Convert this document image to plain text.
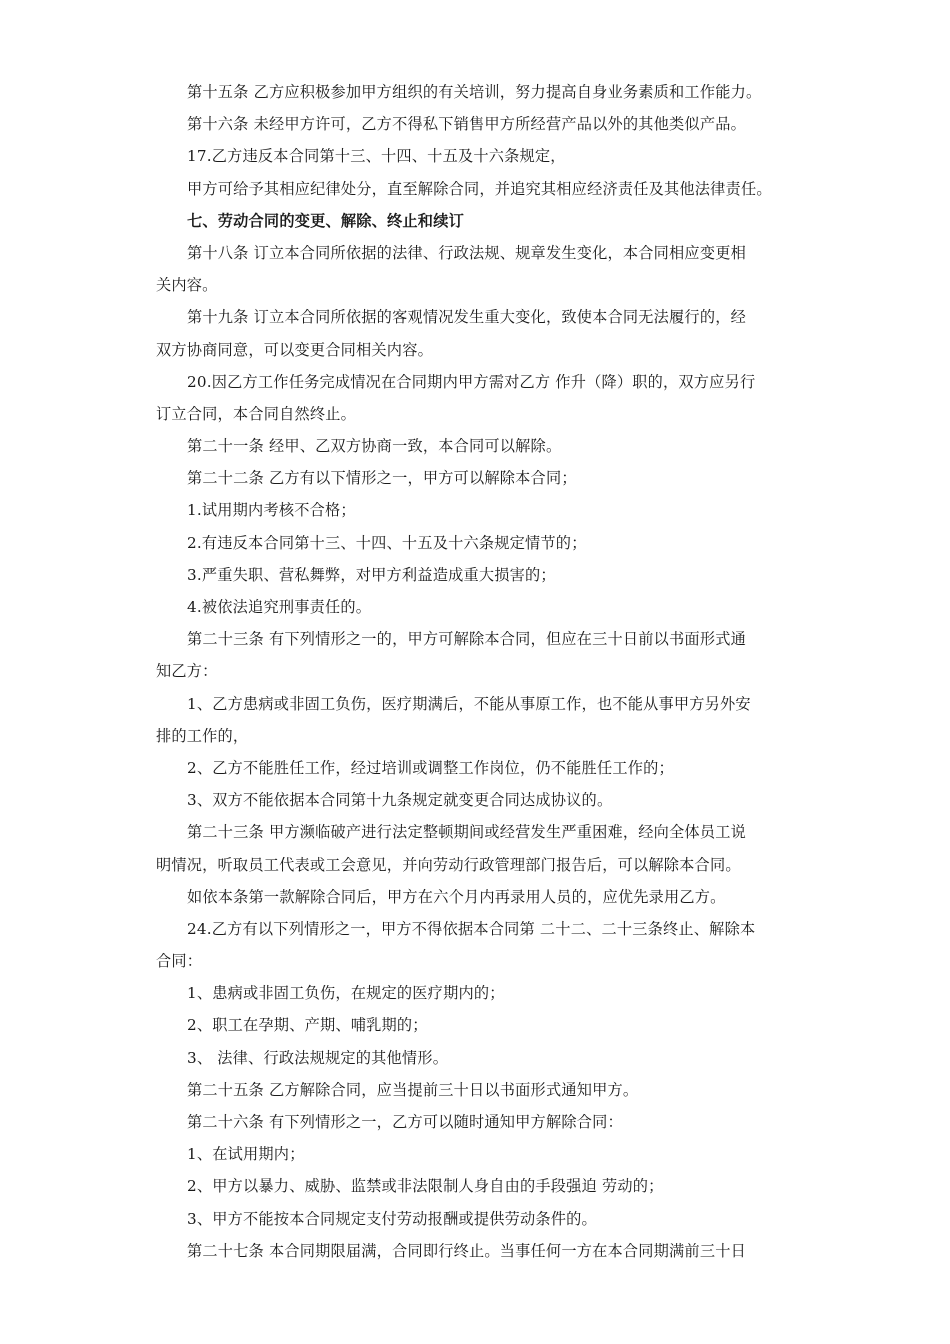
第十五条 乙方应积极参加甲方组织的有关培训，努力提高自身业务素质和工作能力。
第十六条 未经甲方许可，乙方不得私下销售甲方所经营产品以外的其他类似产品。
17.乙方违反本合同第十三、十四、十五及十六条规定，
甲方可给予其相应纪律处分，直至解除合同，并追究其相应经济责任及其他法律责任。
七、劳动合同的变更、解除、终止和续订
第十八条 订立本合同所依据的法律、行政法规、规章发生变化，本合同相应变更相
关内容。
第十九条 订立本合同所依据的客观情况发生重大变化，致使本合同无法履行的，经
双方协商同意，可以变更合同相关内容。
20.因乙方工作任务完成情况在合同期内甲方需对乙方 作升（降）职的，双方应另行
订立合同，本合同自然终止。
第二十一条 经甲、乙双方协商一致，本合同可以解除。
第二十二条 乙方有以下情形之一，甲方可以解除本合同；
1.试用期内考核不合格；
2.有违反本合同第十三、十四、十五及十六条规定情节的；
3.严重失职、营私舞弊，对甲方利益造成重大损害的；
4.被依法追究刑事责任的。
第二十三条 有下列情形之一的，甲方可解除本合同，但应在三十日前以书面形式通
知乙方：
1、乙方患病或非固工负伤，医疗期满后，不能从事原工作，也不能从事甲方另外安
排的工作的，
2、乙方不能胜任工作，经过培训或调整工作岗位，仍不能胜任工作的；
3、双方不能依据本合同第十九条规定就变更合同达成协议的。
第二十三条 甲方濒临破产进行法定整顿期间或经营发生严重困难，经向全体员工说
明情况，听取员工代表或工会意见，并向劳动行政管理部门报告后，可以解除本合同。
如依本条第一款解除合同后，甲方在六个月内再录用人员的，应优先录用乙方。
24.乙方有以下列情形之一，甲方不得依据本合同第 二十二、二十三条终止、解除本
合同：
1、患病或非固工负伤，在规定的医疗期内的；
2、职工在孕期、产期、哺乳期的；
3、 法律、行政法规规定的其他情形。
第二十五条 乙方解除合同，应当提前三十日以书面形式通知甲方。
第二十六条 有下列情形之一，乙方可以随时通知甲方解除合同：
1、在试用期内；
2、甲方以暴力、威胁、监禁或非法限制人身自由的手段强迫 劳动的；
3、甲方不能按本合同规定支付劳动报酬或提供劳动条件的。
第二十七条 本合同期限届满，合同即行终止。当事任何一方在本合同期满前三十日
